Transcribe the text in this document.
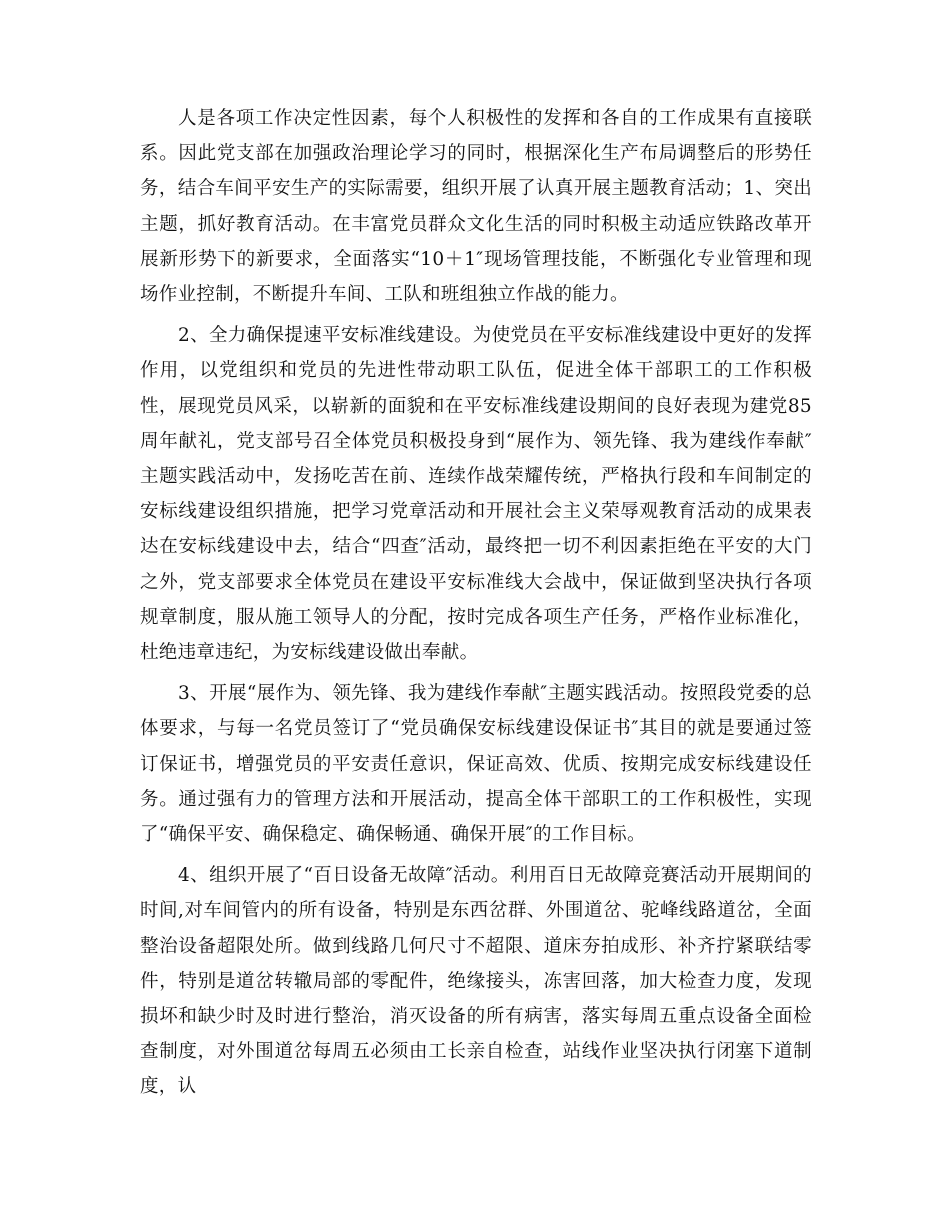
人是各项工作决定性因素，每个人积极性的发挥和各自的工作成果有直接联系。因此党支部在加强政治理论学习的同时，根据深化生产布局调整后的形势任务，结合车间平安生产的实际需要，组织开展了认真开展主题教育活动；1、突出主题，抓好教育活动。在丰富党员群众文化生活的同时积极主动适应铁路改革开展新形势下的新要求，全面落实“10＋1″现场管理技能，不断强化专业管理和现场作业控制，不断提升车间、工队和班组独立作战的能力。

2、全力确保提速平安标准线建设。为使党员在平安标准线建设中更好的发挥作用，以党组织和党员的先进性带动职工队伍，促进全体干部职工的工作积极性，展现党员风采，以崭新的面貌和在平安标准线建设期间的良好表现为建党85周年献礼，党支部号召全体党员积极投身到“展作为、领先锋、我为建线作奉献″主题实践活动中，发扬吃苦在前、连续作战荣耀传统，严格执行段和车间制定的安标线建设组织措施，把学习党章活动和开展社会主义荣辱观教育活动的成果表达在安标线建设中去，结合“四查″活动，最终把一切不利因素拒绝在平安的大门之外，党支部要求全体党员在建设平安标准线大会战中，保证做到坚决执行各项规章制度，服从施工领导人的分配，按时完成各项生产任务，严格作业标准化，杜绝违章违纪，为安标线建设做出奉献。

3、开展“展作为、领先锋、我为建线作奉献″主题实践活动。按照段党委的总体要求，与每一名党员签订了“党员确保安标线建设保证书″其目的就是要通过签订保证书，增强党员的平安责任意识，保证高效、优质、按期完成安标线建设任务。通过强有力的管理方法和开展活动，提高全体干部职工的工作积极性，实现了“确保平安、确保稳定、确保畅通、确保开展″的工作目标。

4、组织开展了“百日设备无故障″活动。利用百日无故障竞赛活动开展期间的时间,对车间管内的所有设备，特别是东西岔群、外围道岔、驼峰线路道岔，全面整治设备超限处所。做到线路几何尺寸不超限、道床夯拍成形、补齐拧紧联结零件，特别是道岔转辙局部的零配件，绝缘接头，冻害回落，加大检查力度，发现损坏和缺少时及时进行整治，消灭设备的所有病害，落实每周五重点设备全面检查制度，对外围道岔每周五必须由工长亲自检查，站线作业坚决执行闭塞下道制度，认
